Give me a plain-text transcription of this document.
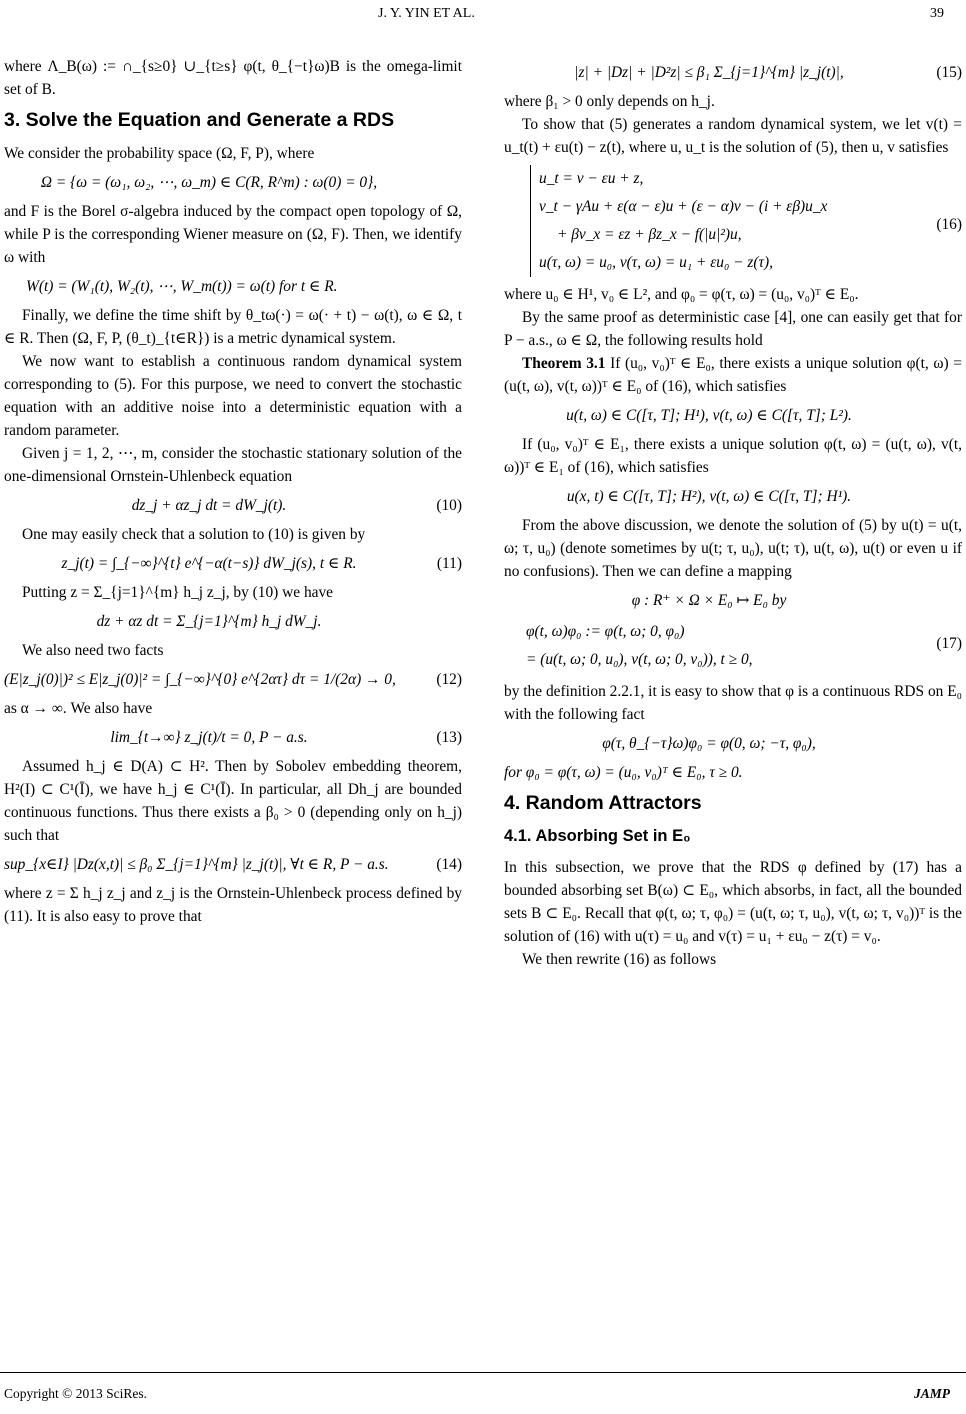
J. Y. YIN ET AL.	39

where Λ_B(ω) := ∩_{s≥0} ∪_{t≥s} φ(t, θ_{−t}ω)B is the omega-limit set of B.

3. Solve the Equation and Generate a RDS

We consider the probability space (Ω, F, P), where

Ω = {ω = (ω₁, ω₂, ⋯, ω_m) ∈ C(R, R^m) : ω(0) = 0},

and F is the Borel σ-algebra induced by the compact open topology of Ω, while P is the corresponding Wiener measure on (Ω, F). Then, we identify ω with

W(t) = (W₁(t), W₂(t), ⋯, W_m(t)) = ω(t) for t ∈ R.

Finally, we define the time shift by θ_tω(·) = ω(· + t) − ω(t), ω ∈ Ω, t ∈ R. Then (Ω, F, P, (θ_t)_{t∈R}) is a metric dynamical system.

We now want to establish a continuous random dynamical system corresponding to (5). For this purpose, we need to convert the stochastic equation with an additive noise into a deterministic equation with a random parameter.

Given j = 1, 2, ⋯, m, consider the stochastic stationary solution of the one-dimensional Ornstein-Uhlenbeck equation

dz_j + αz_j dt = dW_j(t).	(10)

One may easily check that a solution to (10) is given by

z_j(t) = ∫_{−∞}^{t} e^{−α(t−s)} dW_j(s), t ∈ R.	(11)

Putting z = Σ_{j=1}^{m} h_j z_j, by (10) we have

dz + αz dt = Σ_{j=1}^{m} h_j dW_j.

We also need two facts

(E|z_j(0)|)² ≤ E|z_j(0)|² = ∫_{−∞}^{0} e^{2ατ} dτ = 1/(2α) → 0,	(12)

as α → ∞. We also have

lim_{t→∞} z_j(t)/t = 0, P − a.s.	(13)

Assumed h_j ∈ D(A) ⊂ H². Then by Sobolev embedding theorem, H²(I) ⊂ C¹(Ī), we have h_j ∈ C¹(Ī). In particular, all Dh_j are bounded continuous functions. Thus there exists a β₀ > 0 (depending only on h_j) such that

sup_{x∈I} |Dz(x,t)| ≤ β₀ Σ_{j=1}^{m} |z_j(t)|, ∀t ∈ R, P − a.s.	(14)

where z = Σ h_j z_j and z_j is the Ornstein-Uhlenbeck process defined by (11). It is also easy to prove that

|z| + |Dz| + |D²z| ≤ β₁ Σ_{j=1}^{m} |z_j(t)|,	(15)

where β₁ > 0 only depends on h_j.

To show that (5) generates a random dynamical system, we let v(t) = u_t(t) + εu(t) − z(t), where u, u_t is the solution of (5), then u, v satisfies

u_t = v − εu + z,
v_t − γAu + ε(α − ε)u + (ε − α)v − (i + εβ)u_x
+ βv_x = εz + βz_x − f(|u|²)u,
u(τ, ω) = u₀, v(τ, ω) = u₁ + εu₀ − z(τ),
(16)

where u₀ ∈ H¹, v₀ ∈ L², and φ₀ = φ(τ, ω) = (u₀, v₀)ᵀ ∈ E₀.

By the same proof as deterministic case [4], one can easily get that for P − a.s., ω ∈ Ω, the following results hold

Theorem 3.1 If (u₀, v₀)ᵀ ∈ E₀, there exists a unique solution φ(t, ω) = (u(t, ω), v(t, ω))ᵀ ∈ E₀ of (16), which satisfies

u(t, ω) ∈ C([τ, T]; H¹), v(t, ω) ∈ C([τ, T]; L²).

If (u₀, v₀)ᵀ ∈ E₁, there exists a unique solution φ(t, ω) = (u(t, ω), v(t, ω))ᵀ ∈ E₁ of (16), which satisfies

u(x, t) ∈ C([τ, T]; H²), v(t, ω) ∈ C([τ, T]; H¹).

From the above discussion, we denote the solution of (5) by u(t) = u(t, ω; τ, u₀) (denote sometimes by u(t; τ, u₀), u(t; τ), u(t, ω), u(t) or even u if no confusions). Then we can define a mapping

φ : R⁺ × Ω × E₀ ↦ E₀ by
φ(t, ω)φ₀ := φ(t, ω; 0, φ₀)
= (u(t, ω; 0, u₀), v(t, ω; 0, v₀)), t ≥ 0,
(17)

by the definition 2.2.1, it is easy to show that φ is a continuous RDS on E₀ with the following fact

φ(τ, θ_{−τ}ω)φ₀ = φ(0, ω; −τ, φ₀),
for φ₀ = φ(τ, ω) = (u₀, v₀)ᵀ ∈ E₀, τ ≥ 0.
4. Random Attractors
4.1. Absorbing Set in E₀

In this subsection, we prove that the RDS φ defined by (17) has a bounded absorbing set B(ω) ⊂ E₀, which absorbs, in fact, all the bounded sets B ⊂ E₀. Recall that φ(t, ω; τ, φ₀) = (u(t, ω; τ, u₀), v(t, ω; τ, v₀))ᵀ is the solution of (16) with u(τ) = u₀ and v(τ) = u₁ + εu₀ − z(τ) = v₀.

We then rewrite (16) as follows

Copyright © 2013 SciRes.	JAMP
